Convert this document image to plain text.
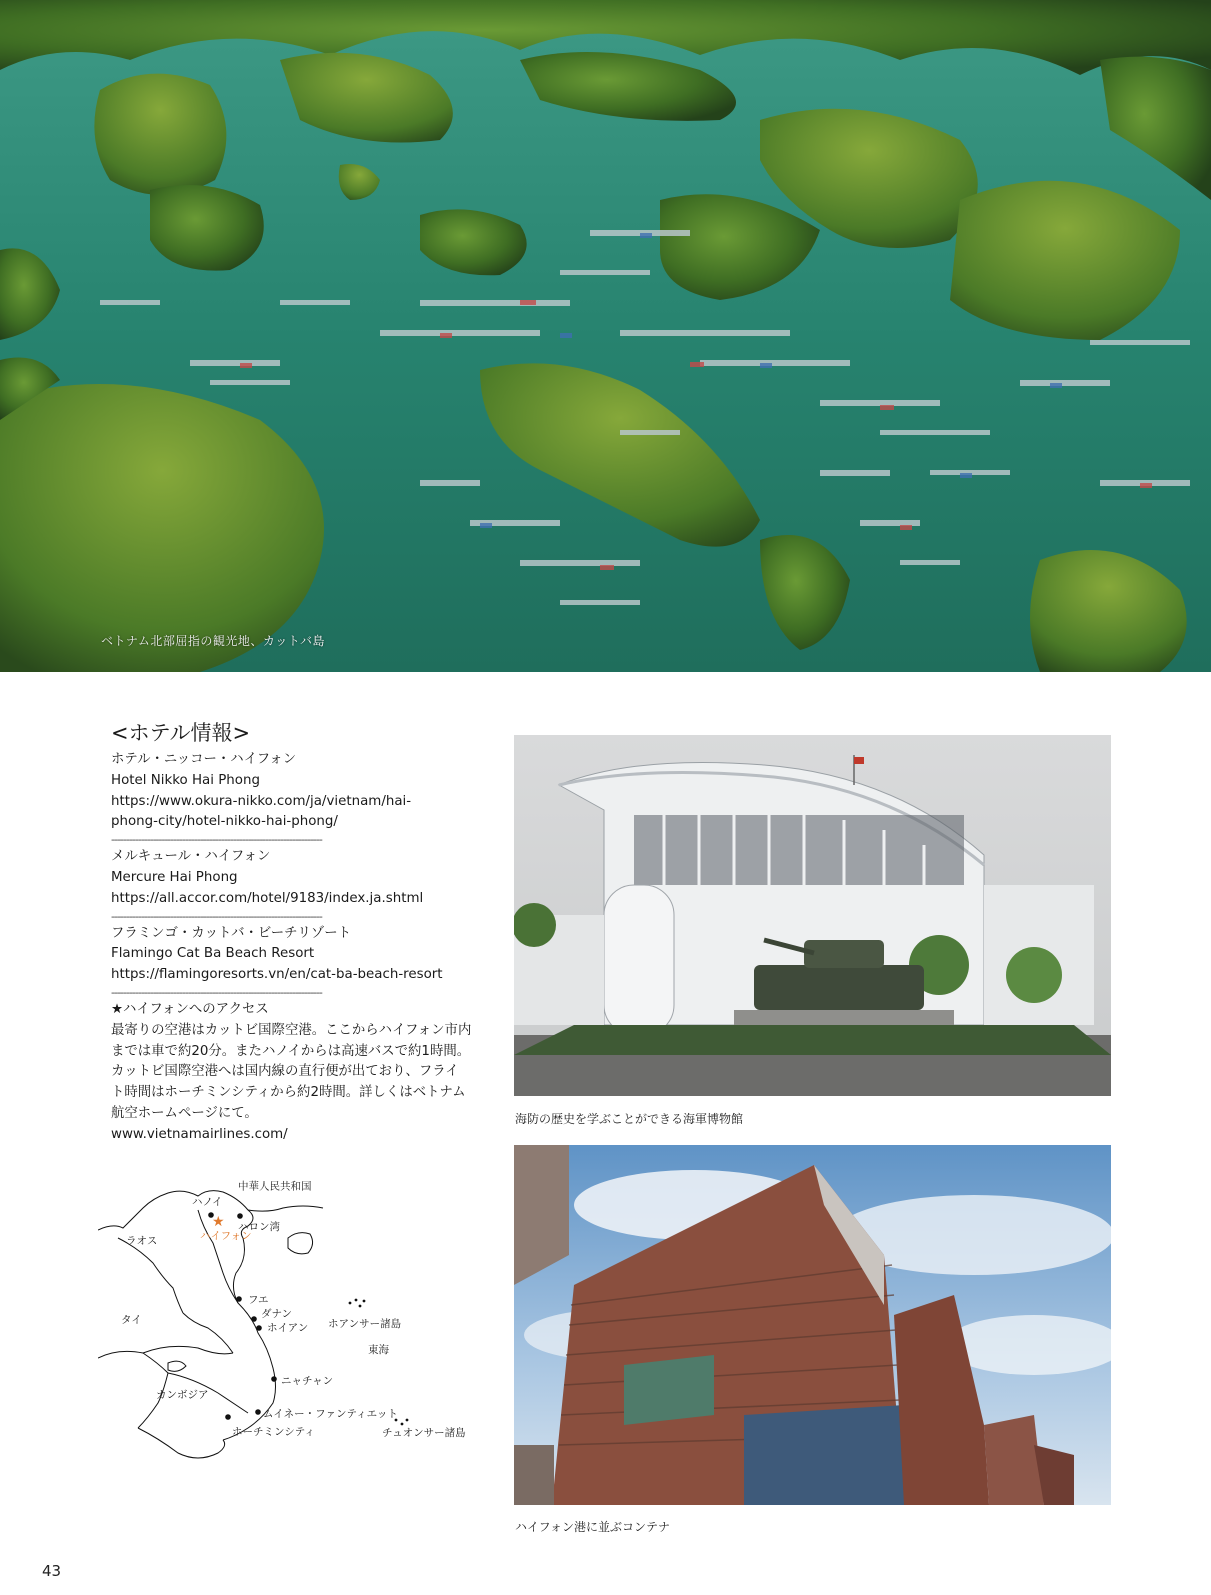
ベトナム北部屈指の観光地、カットバ島
<ホテル情報>
ホテル・ニッコー・ハイフォン
Hotel Nikko Hai Phong
https://www.okura-nikko.com/ja/vietnam/hai-
phong-city/hotel-nikko-hai-phong/
-----------------------------------------------------------------------
メルキュール・ハイフォン
Mercure Hai Phong
https://all.accor.com/hotel/9183/index.ja.shtml
-----------------------------------------------------------------------
フラミンゴ・カットバ・ビーチリゾート
Flamingo Cat Ba Beach Resort
https://flamingoresorts.vn/en/cat-ba-beach-resort
-----------------------------------------------------------------------
★ハイフォンへのアクセス
最寄りの空港はカットビ国際空港。ここからハイフォン市内
までは車で約20分。またハノイからは高速バスで約1時間。
カットビ国際空港へは国内線の直行便が出ており、フライ
ト時間はホーチミンシティから約2時間。詳しくはベトナム
航空ホームページにて。
www.vietnamairlines.com/
★
中華人民共和国
ハノイ
ハロン湾
ハイフォン
ラオス
フエ
ダナン
ホイアン ホアンサー諸島
タイ
東海
ニャチャン
カンボジア
ムイネー・ファンティエット
ホーチミンシティ	チュオンサー諸島
海防の歴史を学ぶことができる海軍博物館
ハイフォン港に並ぶコンテナ
43
